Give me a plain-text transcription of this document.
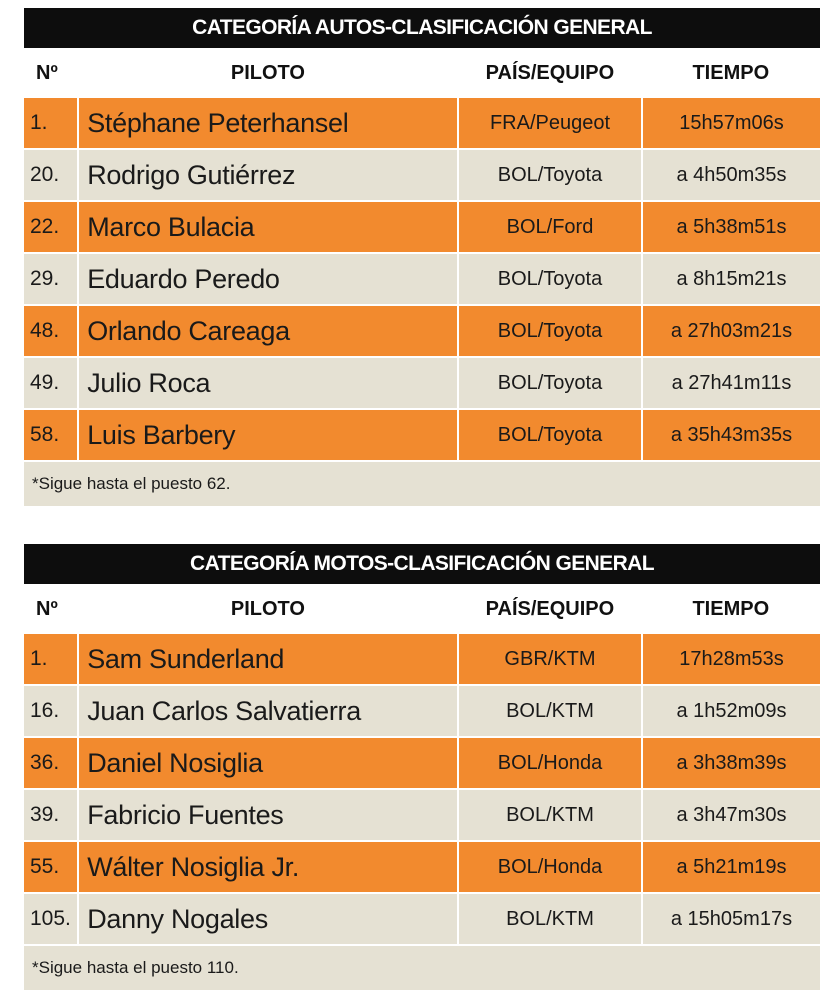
CATEGORÍA AUTOS-CLASIFICACIÓN GENERAL
Nº	PILOTO	PAÍS/EQUIPO	TIEMPO
1.	Stéphane Peterhansel	FRA/Peugeot	15h57m06s
20.	Rodrigo Gutiérrez	BOL/Toyota	a 4h50m35s
22.	Marco Bulacia	BOL/Ford	a 5h38m51s
29.	Eduardo Peredo	BOL/Toyota	a 8h15m21s
48.	Orlando Careaga	BOL/Toyota	a 27h03m21s
49.	Julio Roca	BOL/Toyota	a 27h41m11s
58.	Luis Barbery	BOL/Toyota	a 35h43m35s
*Sigue hasta el puesto 62.
CATEGORÍA MOTOS-CLASIFICACIÓN GENERAL
Nº	PILOTO	PAÍS/EQUIPO	TIEMPO
1.	Sam Sunderland	GBR/KTM	17h28m53s
16.	Juan Carlos Salvatierra	BOL/KTM	a 1h52m09s
36.	Daniel Nosiglia	BOL/Honda	a 3h38m39s
39.	Fabricio Fuentes	BOL/KTM	a 3h47m30s
55.	Wálter Nosiglia Jr.	BOL/Honda	a 5h21m19s
105. Danny Nogales	BOL/KTM	a 15h05m17s
*Sigue hasta el puesto 110.
